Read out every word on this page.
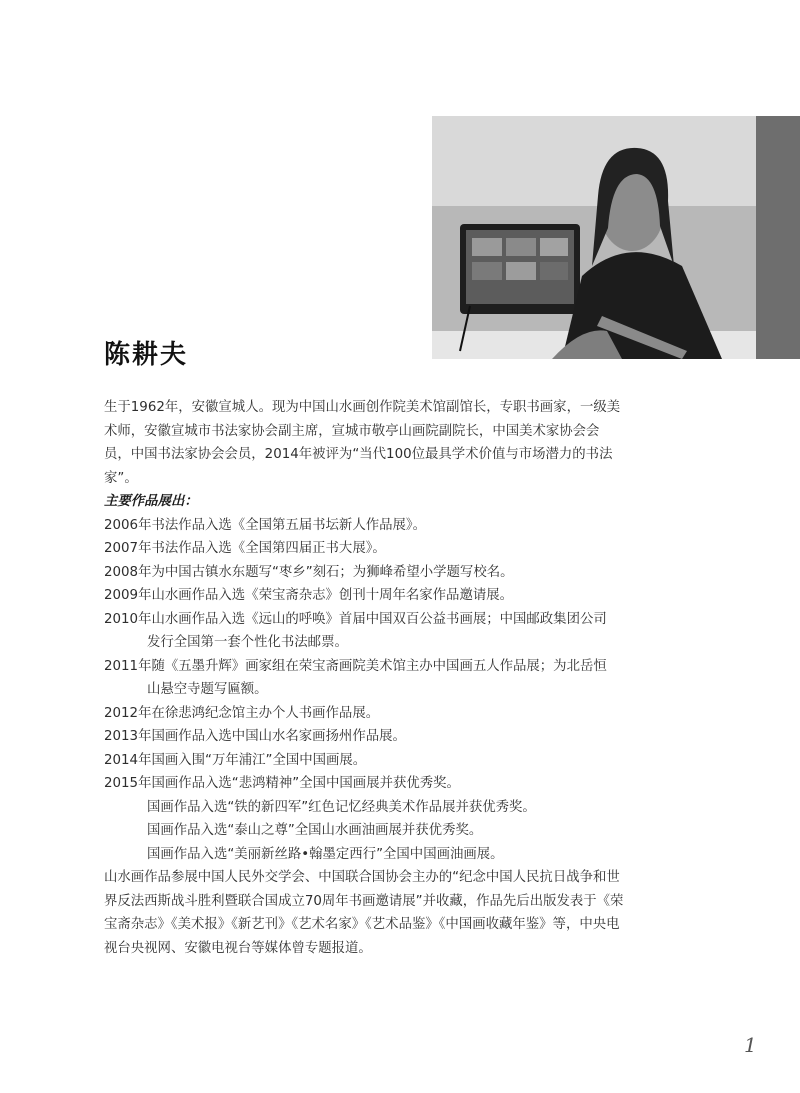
陈耕夫

生于1962年，安徽宣城人。现为中国山水画创作院美术馆副馆长，专职书画家，一级美术师，安徽宣城市书法家协会副主席，宣城市敬亭山画院副院长，中国美术家协会会员，中国书法家协会会员，2014年被评为“当代100位最具学术价值与市场潜力的书法家”。

主要作品展出：

2006年书法作品入选《全国第五届书坛新人作品展》。
2007年书法作品入选《全国第四届正书大展》。
2008年为中国古镇水东题写“枣乡”刻石；为狮峰希望小学题写校名。
2009年山水画作品入选《荣宝斋杂志》创刊十周年名家作品邀请展。
2010年山水画作品入选《远山的呼唤》首届中国双百公益书画展；中国邮政集团公司
发行全国第一套个性化书法邮票。
2011年随《五墨升辉》画家组在荣宝斋画院美术馆主办中国画五人作品展；为北岳恒
山悬空寺题写匾额。
2012年在徐悲鸿纪念馆主办个人书画作品展。
2013年国画作品入选中国山水名家画扬州作品展。
2014年国画入围“万年浦江”全国中国画展。
2015年国画作品入选“悲鸿精神”全国中国画展并获优秀奖。
国画作品入选“铁的新四军”红色记忆经典美术作品展并获优秀奖。
国画作品入选“泰山之尊”全国山水画油画展并获优秀奖。
国画作品入选“美丽新丝路•翰墨定西行”全国中国画油画展。

山水画作品参展中国人民外交学会、中国联合国协会主办的“纪念中国人民抗日战争和世界反法西斯战斗胜利暨联合国成立70周年书画邀请展”并收藏，作品先后出版发表于《荣宝斋杂志》《美术报》《新艺刊》《艺术名家》《艺术品鉴》《中国画收藏年鉴》等，中央电视台央视网、安徽电视台等媒体曾专题报道。

1
